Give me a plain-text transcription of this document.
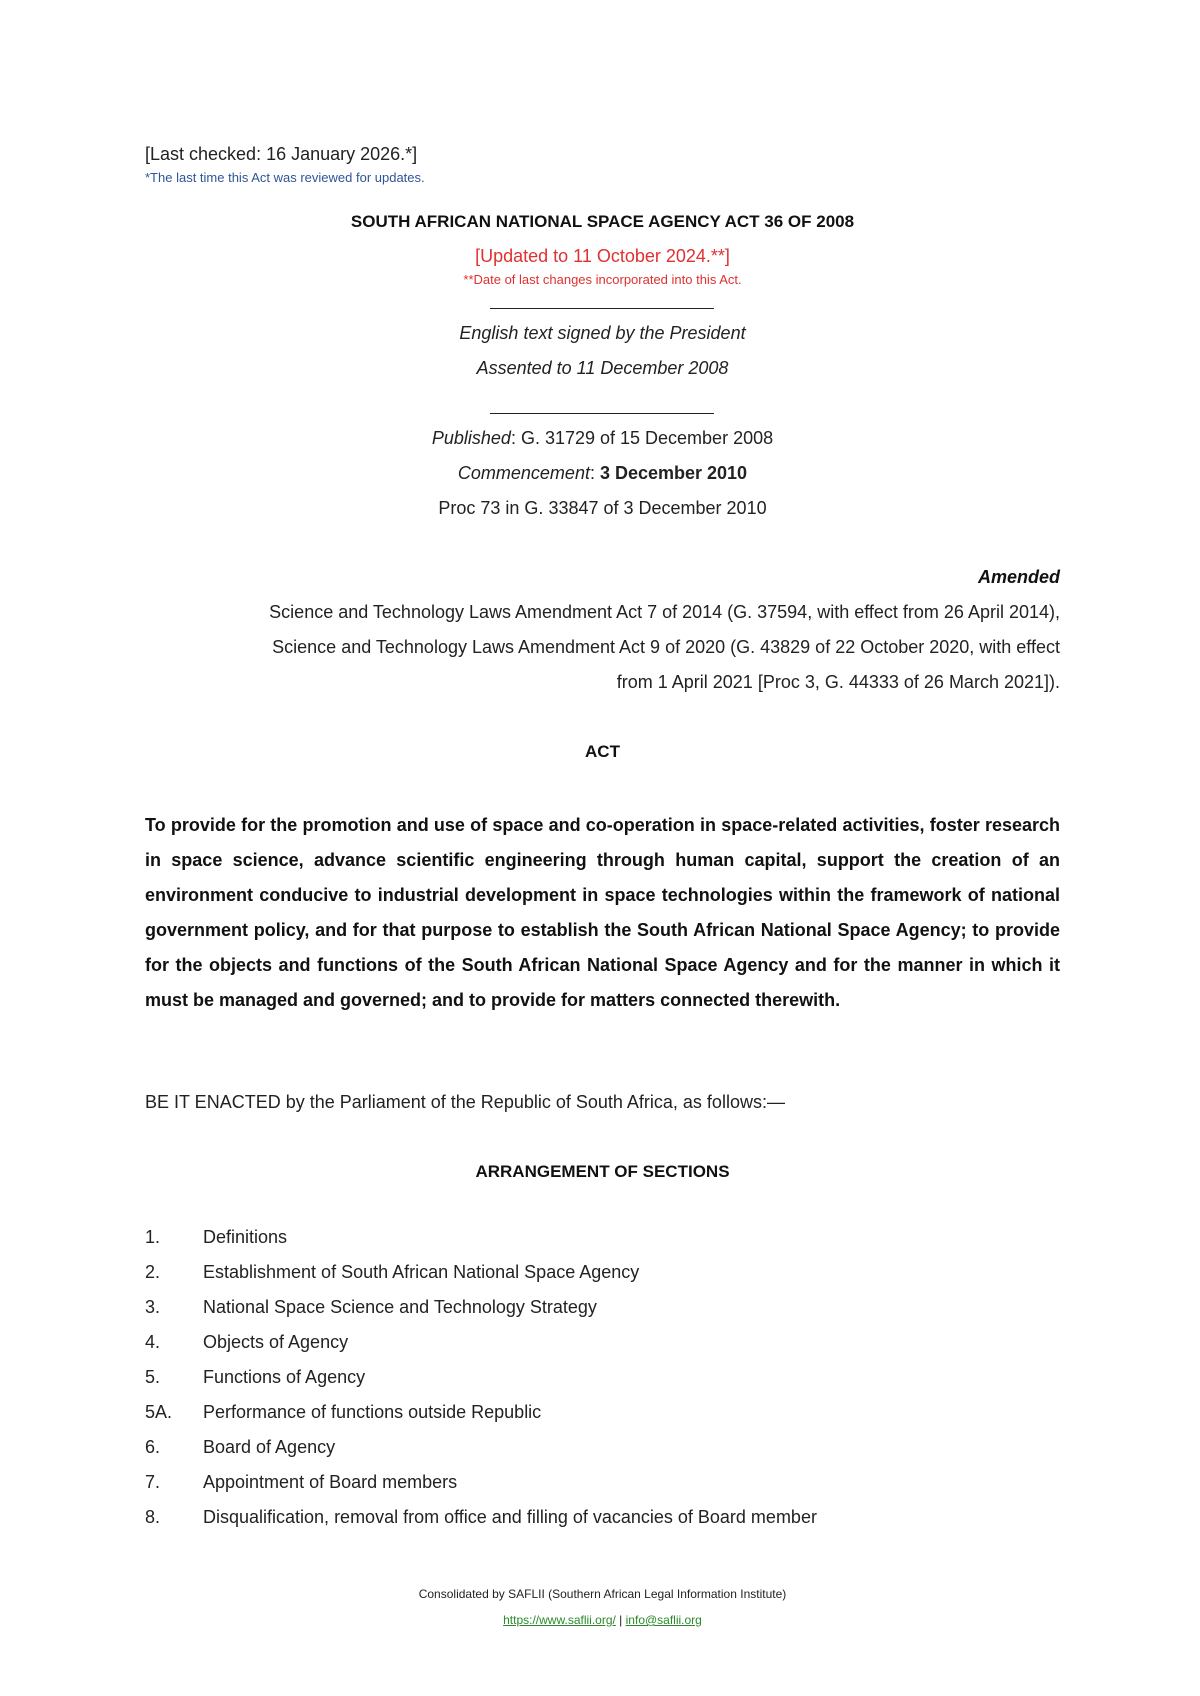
[Last checked: 16 January 2026.*]
*The last time this Act was reviewed for updates.
SOUTH AFRICAN NATIONAL SPACE AGENCY ACT 36 OF 2008
[Updated to 11 October 2024.**]
**Date of last changes incorporated into this Act.
English text signed by the President
Assented to 11 December 2008
Published: G. 31729 of 15 December 2008
Commencement: 3 December 2010
Proc 73 in G. 33847 of 3 December 2010
Amended
Science and Technology Laws Amendment Act 7 of 2014 (G. 37594, with effect from 26 April 2014),
Science and Technology Laws Amendment Act 9 of 2020 (G. 43829 of 22 October 2020, with effect
from 1 April 2021 [Proc 3, G. 44333 of 26 March 2021]).
ACT
To provide for the promotion and use of space and co-operation in space-related activities, foster research in space science, advance scientific engineering through human capital, support the creation of an environment conducive to industrial development in space technologies within the framework of national government policy, and for that purpose to establish the South African National Space Agency; to provide for the objects and functions of the South African National Space Agency and for the manner in which it must be managed and governed; and to provide for matters connected therewith.
BE IT ENACTED by the Parliament of the Republic of South Africa, as follows:—
ARRANGEMENT OF SECTIONS
1.	Definitions
2.	Establishment of South African National Space Agency
3.	National Space Science and Technology Strategy
4.	Objects of Agency
5.	Functions of Agency
5A.	Performance of functions outside Republic
6.	Board of Agency
7.	Appointment of Board members
8.	Disqualification, removal from office and filling of vacancies of Board member
Consolidated by SAFLII (Southern African Legal Information Institute)
https://www.saflii.org/ | info@saflii.org
